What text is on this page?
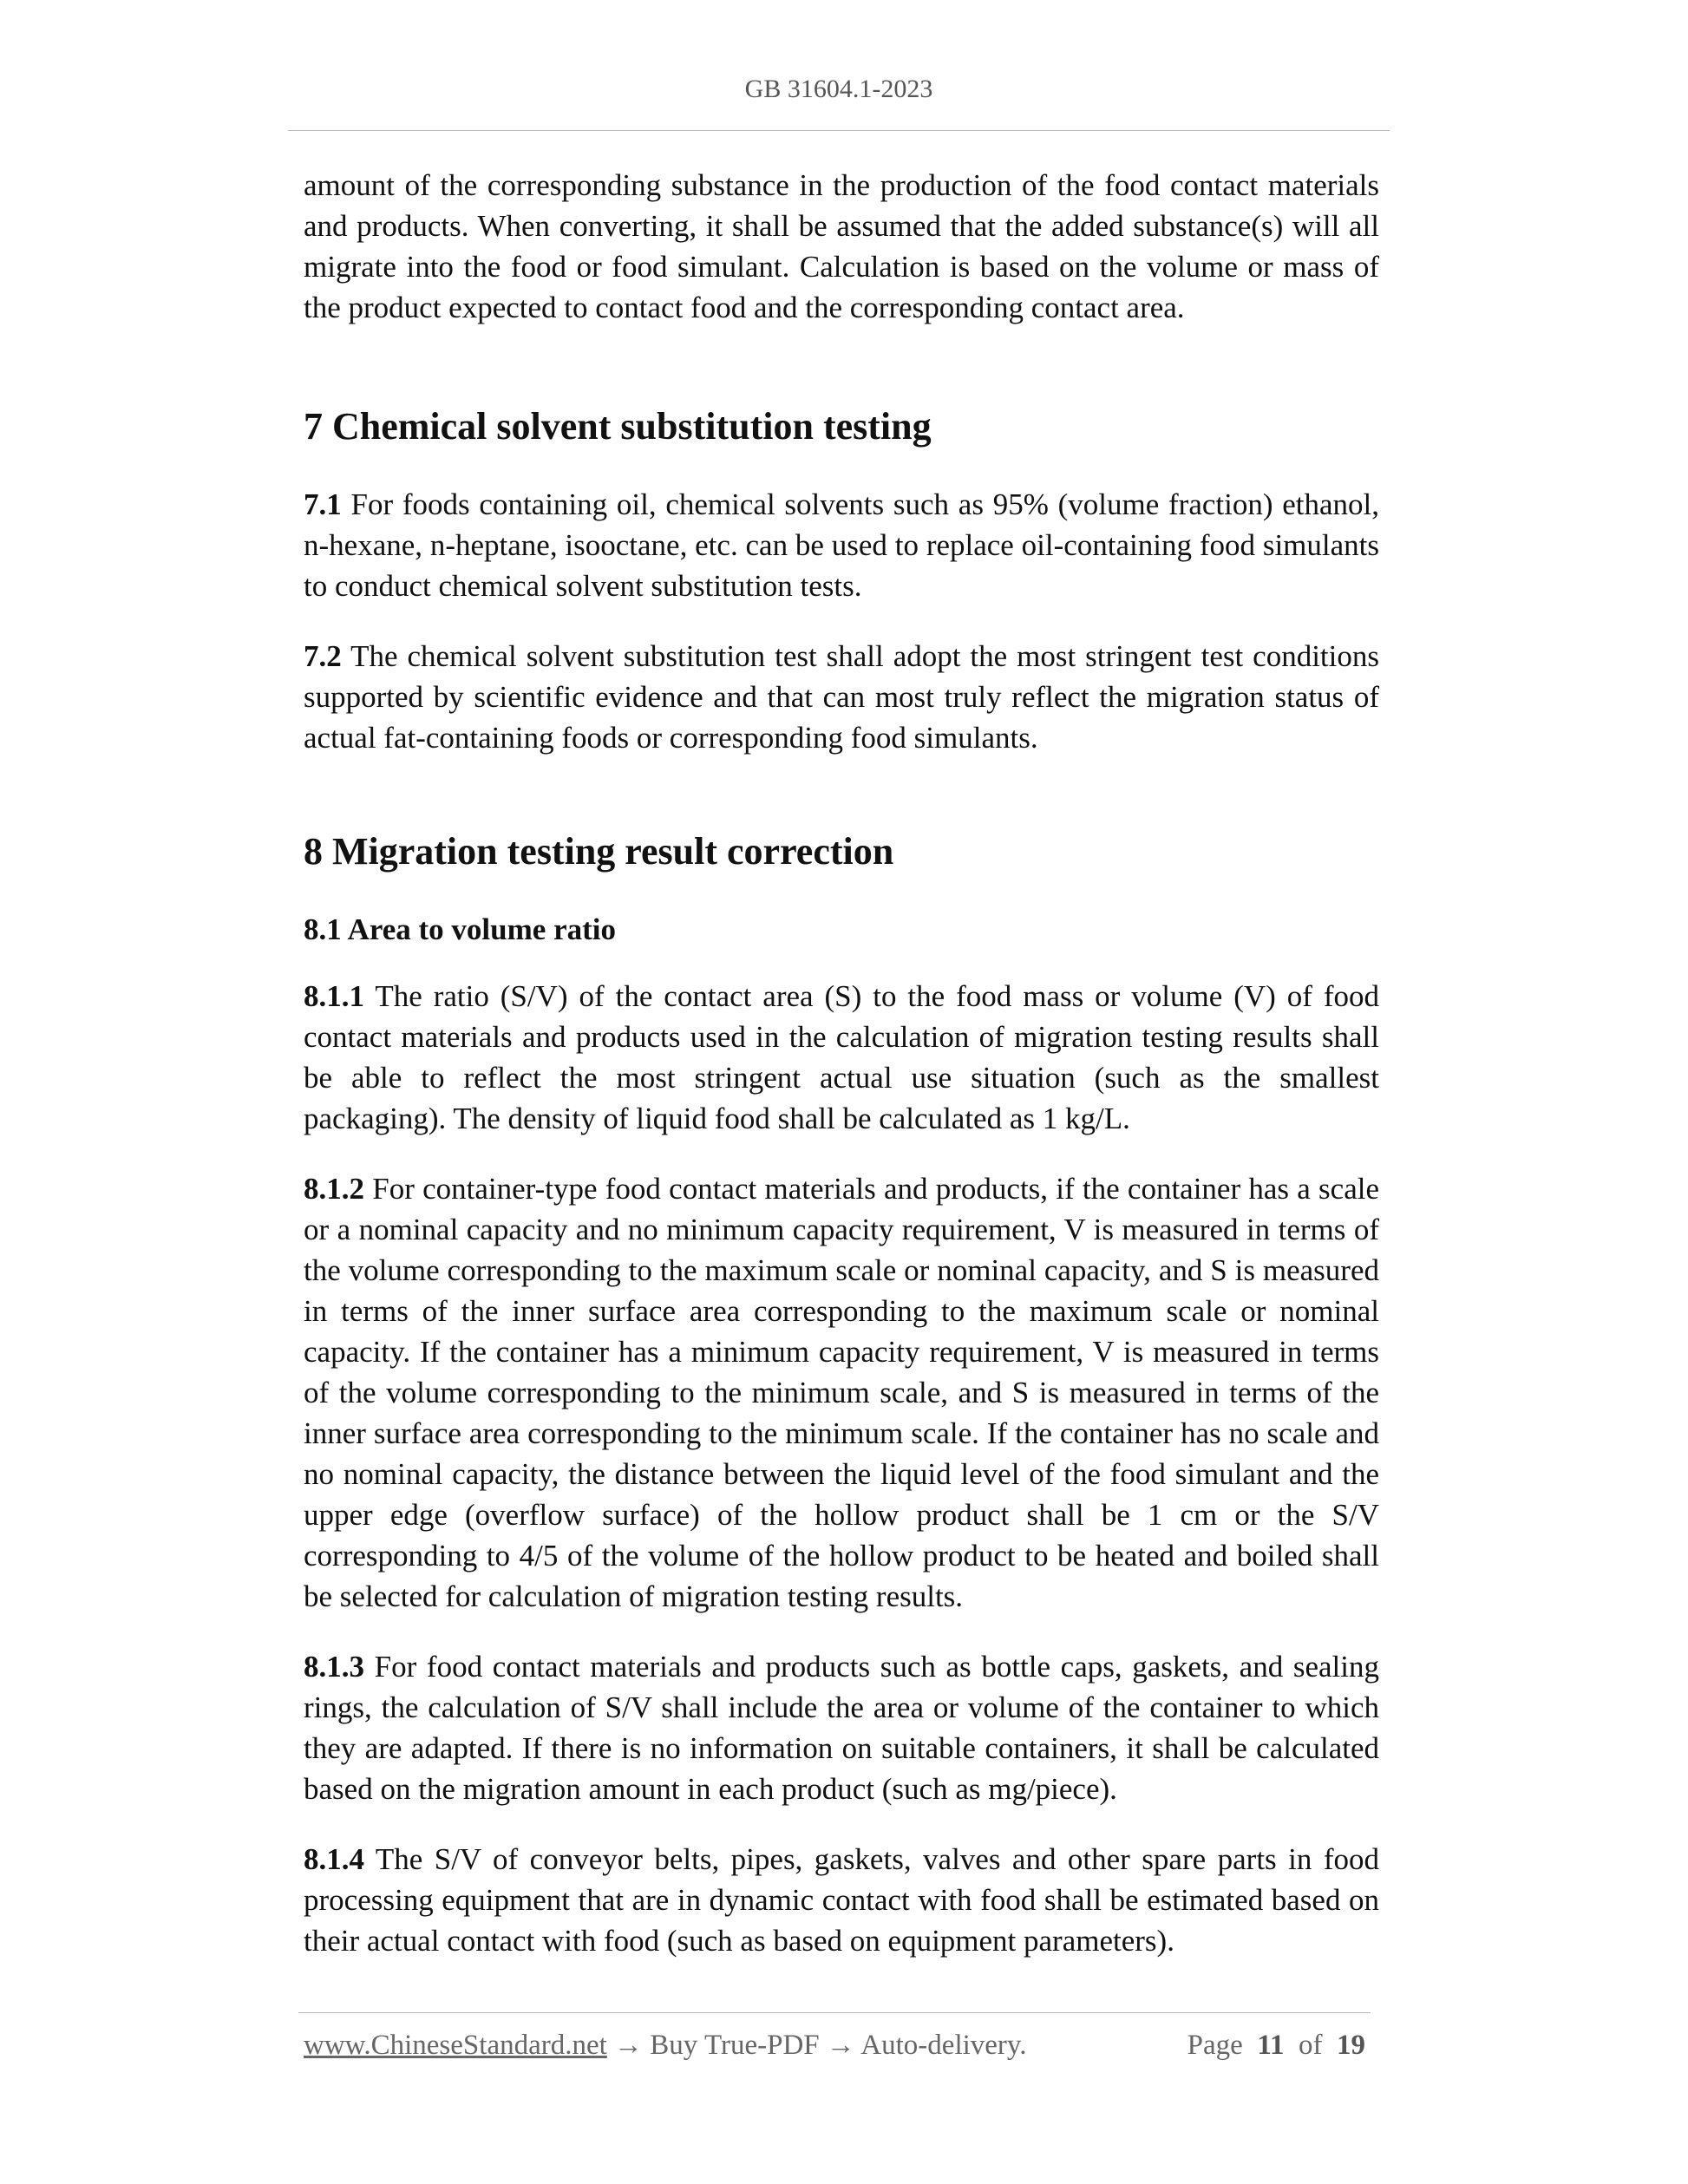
GB 31604.1-2023

amount of the corresponding substance in the production of the food contact materials and products. When converting, it shall be assumed that the added substance(s) will all migrate into the food or food simulant. Calculation is based on the volume or mass of the product expected to contact food and the corresponding contact area.

7 Chemical solvent substitution testing

7.1 For foods containing oil, chemical solvents such as 95% (volume fraction) ethanol, n-hexane, n-heptane, isooctane, etc. can be used to replace oil-containing food simulants to conduct chemical solvent substitution tests.

7.2 The chemical solvent substitution test shall adopt the most stringent test conditions supported by scientific evidence and that can most truly reflect the migration status of actual fat-containing foods or corresponding food simulants.

8 Migration testing result correction
8.1 Area to volume ratio

8.1.1 The ratio (S/V) of the contact area (S) to the food mass or volume (V) of food contact materials and products used in the calculation of migration testing results shall be able to reflect the most stringent actual use situation (such as the smallest packaging). The density of liquid food shall be calculated as 1 kg/L.

8.1.2 For container-type food contact materials and products, if the container has a scale or a nominal capacity and no minimum capacity requirement, V is measured in terms of the volume corresponding to the maximum scale or nominal capacity, and S is measured in terms of the inner surface area corresponding to the maximum scale or nominal capacity. If the container has a minimum capacity requirement, V is measured in terms of the volume corresponding to the minimum scale, and S is measured in terms of the inner surface area corresponding to the minimum scale. If the container has no scale and no nominal capacity, the distance between the liquid level of the food simulant and the upper edge (overflow surface) of the hollow product shall be 1 cm or the S/V corresponding to 4/5 of the volume of the hollow product to be heated and boiled shall be selected for calculation of migration testing results.

8.1.3 For food contact materials and products such as bottle caps, gaskets, and sealing rings, the calculation of S/V shall include the area or volume of the container to which they are adapted. If there is no information on suitable containers, it shall be calculated based on the migration amount in each product (such as mg/piece).

8.1.4 The S/V of conveyor belts, pipes, gaskets, valves and other spare parts in food processing equipment that are in dynamic contact with food shall be estimated based on their actual contact with food (such as based on equipment parameters).

www.ChineseStandard.net → Buy True-PDF → Auto-delivery.	Page 11 of 19
